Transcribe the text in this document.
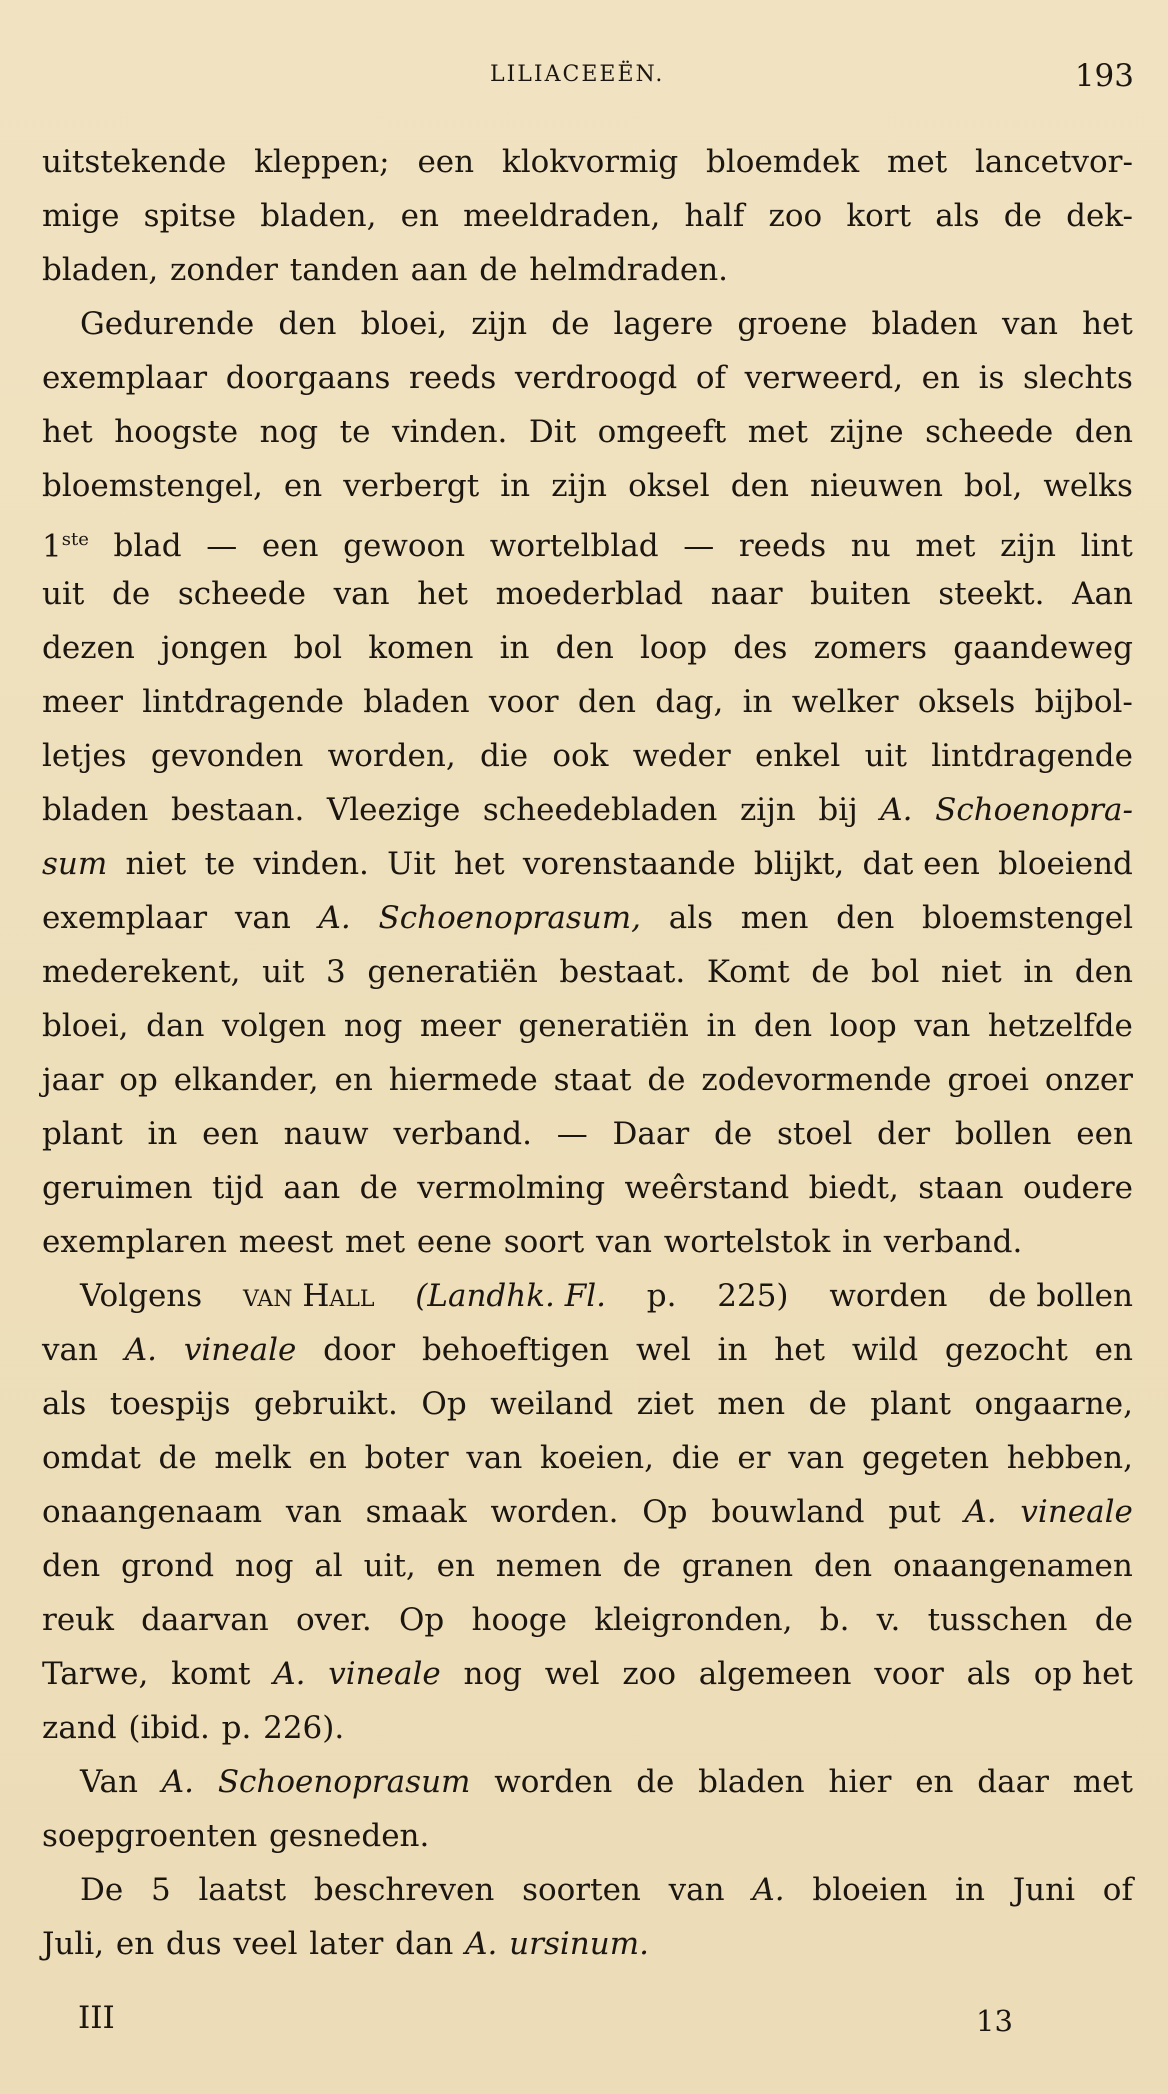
LILIACEEËN.	193
uitstekende kleppen; een klokvormig bloemdek met lancetvor-
mige spitse bladen, en meeldraden, half zoo kort als de dek-
bladen, zonder tanden aan de helmdraden.
Gedurende den bloei, zijn de lagere groene bladen van het
exemplaar doorgaans reeds verdroogd of verweerd, en is slechts
het hoogste nog te vinden. Dit omgeeft met zijne scheede den
bloemstengel, en verbergt in zijn oksel den nieuwen bol, welks
1ste blad — een gewoon wortelblad — reeds nu met zijn lint
uit de scheede van het moederblad naar buiten steekt. Aan
dezen jongen bol komen in den loop des zomers gaandeweg
meer lintdragende bladen voor den dag, in welker oksels bijbol-
letjes gevonden worden, die ook weder enkel uit lintdragende
bladen bestaan. Vleezige scheedebladen zijn bij A. Schoenopra-
sum niet te vinden. Uit het vorenstaande blijkt, dat een bloeiend
exemplaar van A. Schoenoprasum, als men den bloemstengel
mederekent, uit 3 generatiën bestaat. Komt de bol niet in den
bloei, dan volgen nog meer generatiën in den loop van hetzelfde
jaar op elkander, en hiermede staat de zodevormende groei onzer
plant in een nauw verband. — Daar de stoel der bollen een
geruimen tijd aan de vermolming weêrstand biedt, staan oudere
exemplaren meest met eene soort van wortelstok in verband.
Volgens van Hall (Landhk. Fl. p. 225) worden de bollen
van A. vineale door behoeftigen wel in het wild gezocht en
als toespijs gebruikt. Op weiland ziet men de plant ongaarne,
omdat de melk en boter van koeien, die er van gegeten hebben,
onaangenaam van smaak worden. Op bouwland put A. vineale
den grond nog al uit, en nemen de granen den onaangenamen
reuk daarvan over. Op hooge kleigronden, b. v. tusschen de
Tarwe, komt A. vineale nog wel zoo algemeen voor als op het
zand (ibid. p. 226).
Van A. Schoenoprasum worden de bladen hier en daar met
soepgroenten gesneden.
De 5 laatst beschreven soorten van A. bloeien in Juni of
Juli, en dus veel later dan A. ursinum.
III	13
